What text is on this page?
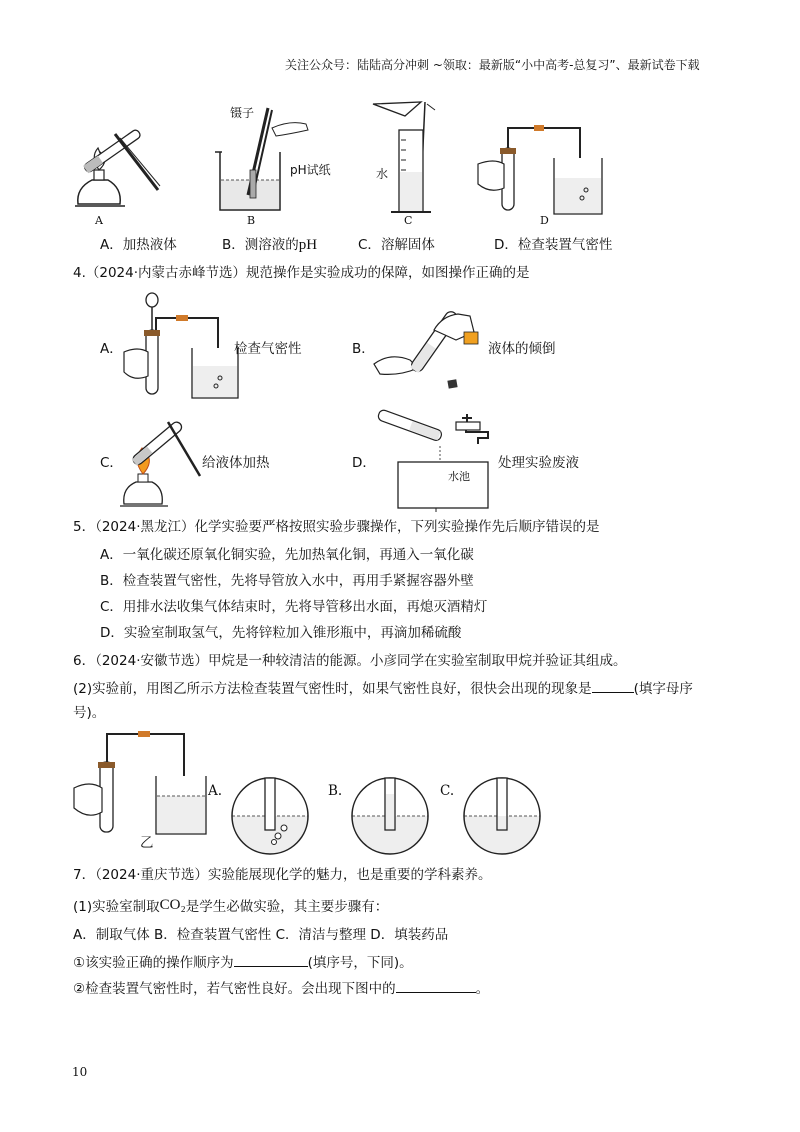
关注公众号：陆陆高分冲刺 ~领取：最新版“小中高考-总复习”、最新试卷下载
A
镊子
pH试纸
B
水
C	D
A．加热液体	B．测溶液的pH	C．溶解固体	D．检查装置气密性
4.（2024·内蒙古赤峰节选）规范操作是实验成功的保障，如图操作正确的是
A．	检查气密性	B．	液体的倾倒
C．	给液体加热	D．
水池
处理实验废液
5．（2024·黑龙江）化学实验要严格按照实验步骤操作，下列实验操作先后顺序错误的是
A．一氧化碳还原氧化铜实验，先加热氧化铜，再通入一氧化碳
B．检查装置气密性，先将导管放入水中，再用手紧握容器外壁
C．用排水法收集气体结束时，先将导管移出水面，再熄灭酒精灯
D．实验室制取氢气，先将锌粒加入锥形瓶中，再滴加稀硫酸
6．（2024·安徽节选）甲烷是一种较清洁的能源。小彦同学在实验室制取甲烷并验证其组成。
(2)实验前，用图乙所示方法检查装置气密性时，如果气密性良好，很快会出现的现象是	(填字母序
号)。
乙
A.	B.	C.
7．（2024·重庆节选）实验能展现化学的魅力，也是重要的学科素养。
(1)实验室制取CO₂是学生必做实验，其主要步骤有：
A．制取气体 B．检查装置气密性 C．清洁与整理 D．填装药品
①该实验正确的操作顺序为	(填序号，下同)。
②检查装置气密性时，若气密性良好。会出现下图中的	。
10
